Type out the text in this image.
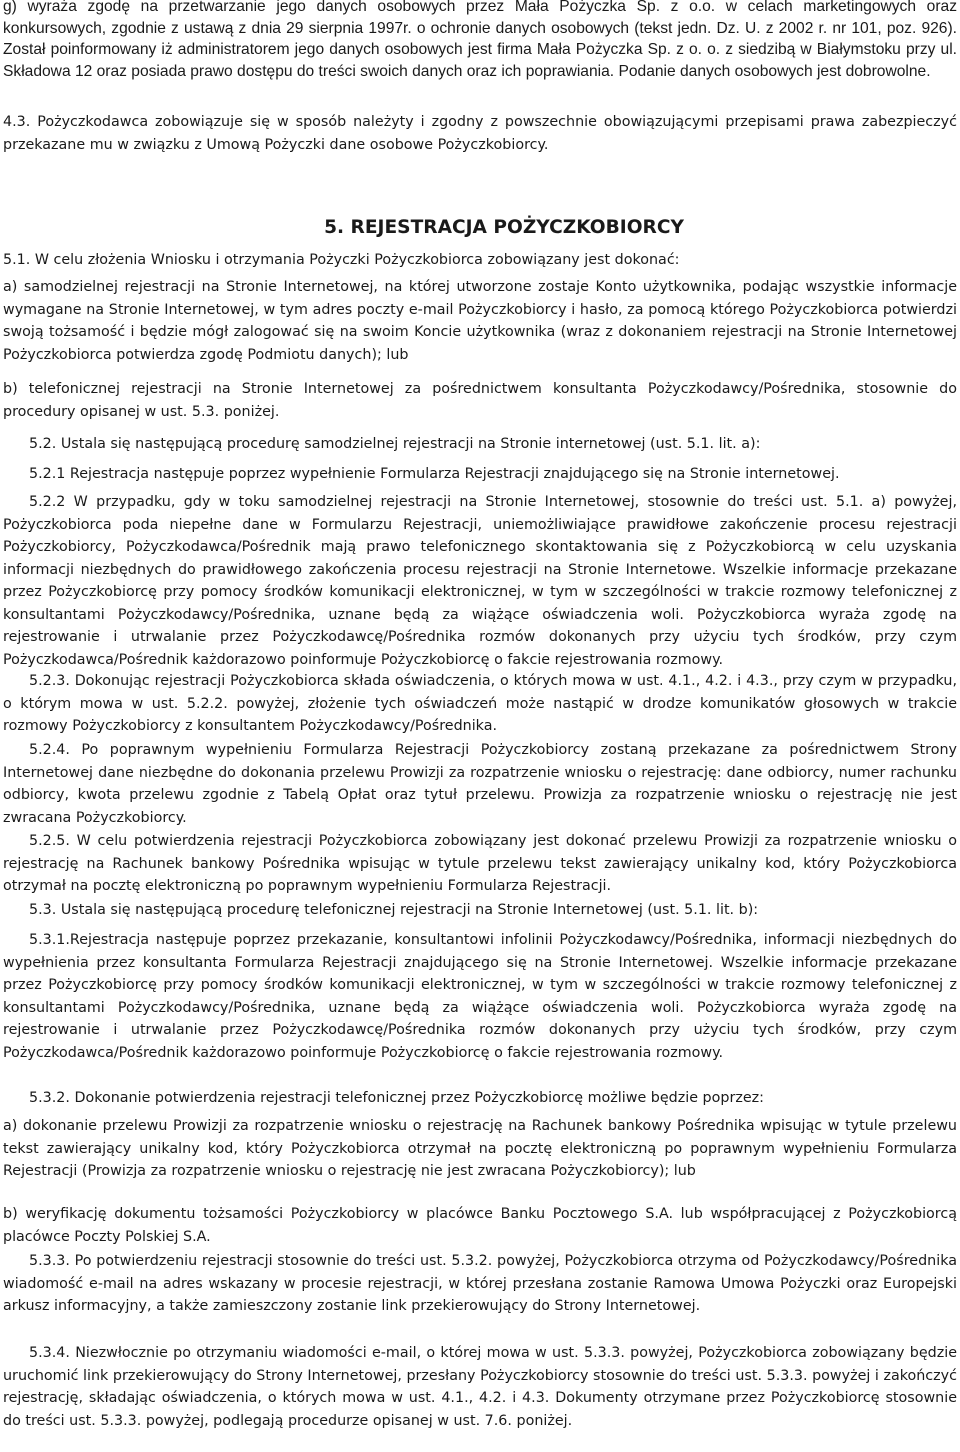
g) wyraża zgodę na przetwarzanie jego danych osobowych przez Mała Pożyczka Sp. z o.o. w celach marketingowych oraz konkursowych, zgodnie z ustawą z dnia 29 sierpnia 1997r. o ochronie danych osobowych (tekst jedn. Dz. U. z 2002 r. nr 101, poz. 926). Został poinformowany iż administratorem jego danych osobowych jest firma Mała Pożyczka Sp. z o. o. z siedzibą w Białymstoku przy ul. Składowa 12 oraz posiada prawo dostępu do treści swoich danych oraz ich poprawiania. Podanie danych osobowych jest dobrowolne.

4.3. Pożyczkodawca zobowiązuje się w sposób należyty i zgodny z powszechnie obowiązującymi przepisami prawa zabezpieczyć przekazane mu w związku z Umową Pożyczki dane osobowe Pożyczkobiorcy.

5. REJESTRACJA POŻYCZKOBIORCY

5.1. W celu złożenia Wniosku i otrzymania Pożyczki Pożyczkobiorca zobowiązany jest dokonać:

a) samodzielnej rejestracji na Stronie Internetowej, na której utworzone zostaje Konto użytkownika, podając wszystkie informacje wymagane na Stronie Internetowej, w tym adres poczty e-mail Pożyczkobiorcy i hasło, za pomocą którego Pożyczkobiorca potwierdzi swoją tożsamość i będzie mógł zalogować się na swoim Koncie użytkownika (wraz z dokonaniem rejestracji na Stronie Internetowej Pożyczkobiorca potwierdza zgodę Podmiotu danych); lub

b) telefonicznej rejestracji na Stronie Internetowej za pośrednictwem konsultanta Pożyczkodawcy/Pośrednika, stosownie do procedury opisanej w ust. 5.3. poniżej.

5.2. Ustala się następującą procedurę samodzielnej rejestracji na Stronie internetowej (ust. 5.1. lit. a):

5.2.1 Rejestracja następuje poprzez wypełnienie Formularza Rejestracji znajdującego się na Stronie internetowej.

5.2.2 W przypadku, gdy w toku samodzielnej rejestracji na Stronie Internetowej, stosownie do treści ust. 5.1. a) powyżej, Pożyczkobiorca poda niepełne dane w Formularzu Rejestracji, uniemożliwiające prawidłowe zakończenie procesu rejestracji Pożyczkobiorcy, Pożyczkodawca/Pośrednik mają prawo telefonicznego skontaktowania się z Pożyczkobiorcą w celu uzyskania informacji niezbędnych do prawidłowego zakończenia procesu rejestracji na Stronie Internetowe. Wszelkie informacje przekazane przez Pożyczkobiorcę przy pomocy środków komunikacji elektronicznej, w tym w szczególności w trakcie rozmowy telefonicznej z konsultantami Pożyczkodawcy/Pośrednika, uznane będą za wiążące oświadczenia woli. Pożyczkobiorca wyraża zgodę na rejestrowanie i utrwalanie przez Pożyczkodawcę/Pośrednika rozmów dokonanych przy użyciu tych środków, przy czym Pożyczkodawca/Pośrednik każdorazowo poinformuje Pożyczkobiorcę o fakcie rejestrowania rozmowy.

5.2.3. Dokonując rejestracji Pożyczkobiorca składa oświadczenia, o których mowa w ust. 4.1., 4.2. i 4.3., przy czym w przypadku, o którym mowa w ust. 5.2.2. powyżej, złożenie tych oświadczeń może nastąpić w drodze komunikatów głosowych w trakcie rozmowy Pożyczkobiorcy z konsultantem Pożyczkodawcy/Pośrednika.

5.2.4. Po poprawnym wypełnieniu Formularza Rejestracji Pożyczkobiorcy zostaną przekazane za pośrednictwem Strony Internetowej dane niezbędne do dokonania przelewu Prowizji za rozpatrzenie wniosku o rejestrację: dane odbiorcy, numer rachunku odbiorcy, kwota przelewu zgodnie z Tabelą Opłat oraz tytuł przelewu. Prowizja za rozpatrzenie wniosku o rejestrację nie jest zwracana Pożyczkobiorcy.

5.2.5. W celu potwierdzenia rejestracji Pożyczkobiorca zobowiązany jest dokonać przelewu Prowizji za rozpatrzenie wniosku o rejestrację na Rachunek bankowy Pośrednika wpisując w tytule przelewu tekst zawierający unikalny kod, który Pożyczkobiorca otrzymał na pocztę elektroniczną po poprawnym wypełnieniu Formularza Rejestracji.

5.3. Ustala się następującą procedurę telefonicznej rejestracji na Stronie Internetowej (ust. 5.1. lit. b):

5.3.1.Rejestracja następuje poprzez przekazanie, konsultantowi infolinii Pożyczkodawcy/Pośrednika, informacji niezbędnych do wypełnienia przez konsultanta Formularza Rejestracji znajdującego się na Stronie Internetowej. Wszelkie informacje przekazane przez Pożyczkobiorcę przy pomocy środków komunikacji elektronicznej, w tym w szczególności w trakcie rozmowy telefonicznej z konsultantami Pożyczkodawcy/Pośrednika, uznane będą za wiążące oświadczenia woli. Pożyczkobiorca wyraża zgodę na rejestrowanie i utrwalanie przez Pożyczkodawcę/Pośrednika rozmów dokonanych przy użyciu tych środków, przy czym Pożyczkodawca/Pośrednik każdorazowo poinformuje Pożyczkobiorcę o fakcie rejestrowania rozmowy.

5.3.2. Dokonanie potwierdzenia rejestracji telefonicznej przez Pożyczkobiorcę możliwe będzie poprzez:

a) dokonanie przelewu Prowizji za rozpatrzenie wniosku o rejestrację na Rachunek bankowy Pośrednika wpisując w tytule przelewu tekst zawierający unikalny kod, który Pożyczkobiorca otrzymał na pocztę elektroniczną po poprawnym wypełnieniu Formularza Rejestracji (Prowizja za rozpatrzenie wniosku o rejestrację nie jest zwracana Pożyczkobiorcy); lub

b) weryfikację dokumentu tożsamości Pożyczkobiorcy w placówce Banku Pocztowego S.A. lub współpracującej z Pożyczkobiorcą placówce Poczty Polskiej S.A.

5.3.3. Po potwierdzeniu rejestracji stosownie do treści ust. 5.3.2. powyżej, Pożyczkobiorca otrzyma od Pożyczkodawcy/Pośrednika wiadomość e-mail na adres wskazany w procesie rejestracji, w której przesłana zostanie Ramowa Umowa Pożyczki oraz Europejski arkusz informacyjny, a także zamieszczony zostanie link przekierowujący do Strony Internetowej.

5.3.4. Niezwłocznie po otrzymaniu wiadomości e-mail, o której mowa w ust. 5.3.3. powyżej, Pożyczkobiorca zobowiązany będzie uruchomić link przekierowujący do Strony Internetowej, przesłany Pożyczkobiorcy stosownie do treści ust. 5.3.3. powyżej i zakończyć rejestrację, składając oświadczenia, o których mowa w ust. 4.1., 4.2. i 4.3. Dokumenty otrzymane przez Pożyczkobiorcę stosownie do treści ust. 5.3.3. powyżej, podlegają procedurze opisanej w ust. 7.6. poniżej.
